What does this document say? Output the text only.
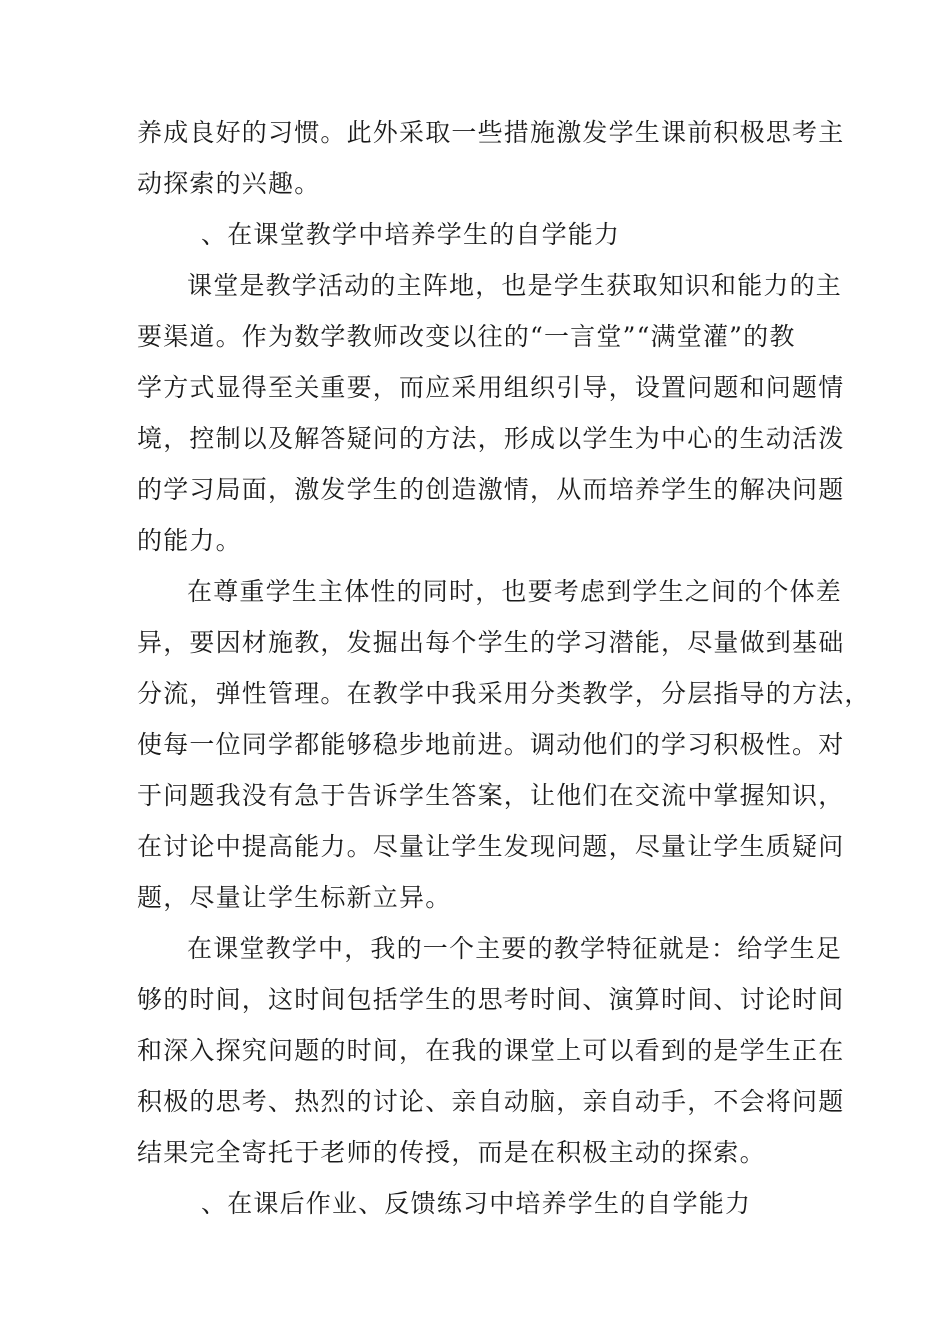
养成良好的习惯。此外采取一些措施激发学生课前积极思考主
动探索的兴趣。
、在课堂教学中培养学生的自学能力
课堂是教学活动的主阵地，也是学生获取知识和能力的主
要渠道。作为数学教师改变以往的“一言堂”“满堂灌”的教
学方式显得至关重要，而应采用组织引导，设置问题和问题情
境，控制以及解答疑问的方法，形成以学生为中心的生动活泼
的学习局面，激发学生的创造激情，从而培养学生的解决问题
的能力。
在尊重学生主体性的同时，也要考虑到学生之间的个体差
异，要因材施教，发掘出每个学生的学习潜能，尽量做到基础
分流，弹性管理。在教学中我采用分类教学，分层指导的方法，
使每一位同学都能够稳步地前进。调动他们的学习积极性。对
于问题我没有急于告诉学生答案，让他们在交流中掌握知识，
在讨论中提高能力。尽量让学生发现问题，尽量让学生质疑问
题，尽量让学生标新立异。
在课堂教学中，我的一个主要的教学特征就是：给学生足
够的时间，这时间包括学生的思考时间、演算时间、讨论时间
和深入探究问题的时间，在我的课堂上可以看到的是学生正在
积极的思考、热烈的讨论、亲自动脑，亲自动手，不会将问题
结果完全寄托于老师的传授，而是在积极主动的探索。
、在课后作业、反馈练习中培养学生的自学能力
